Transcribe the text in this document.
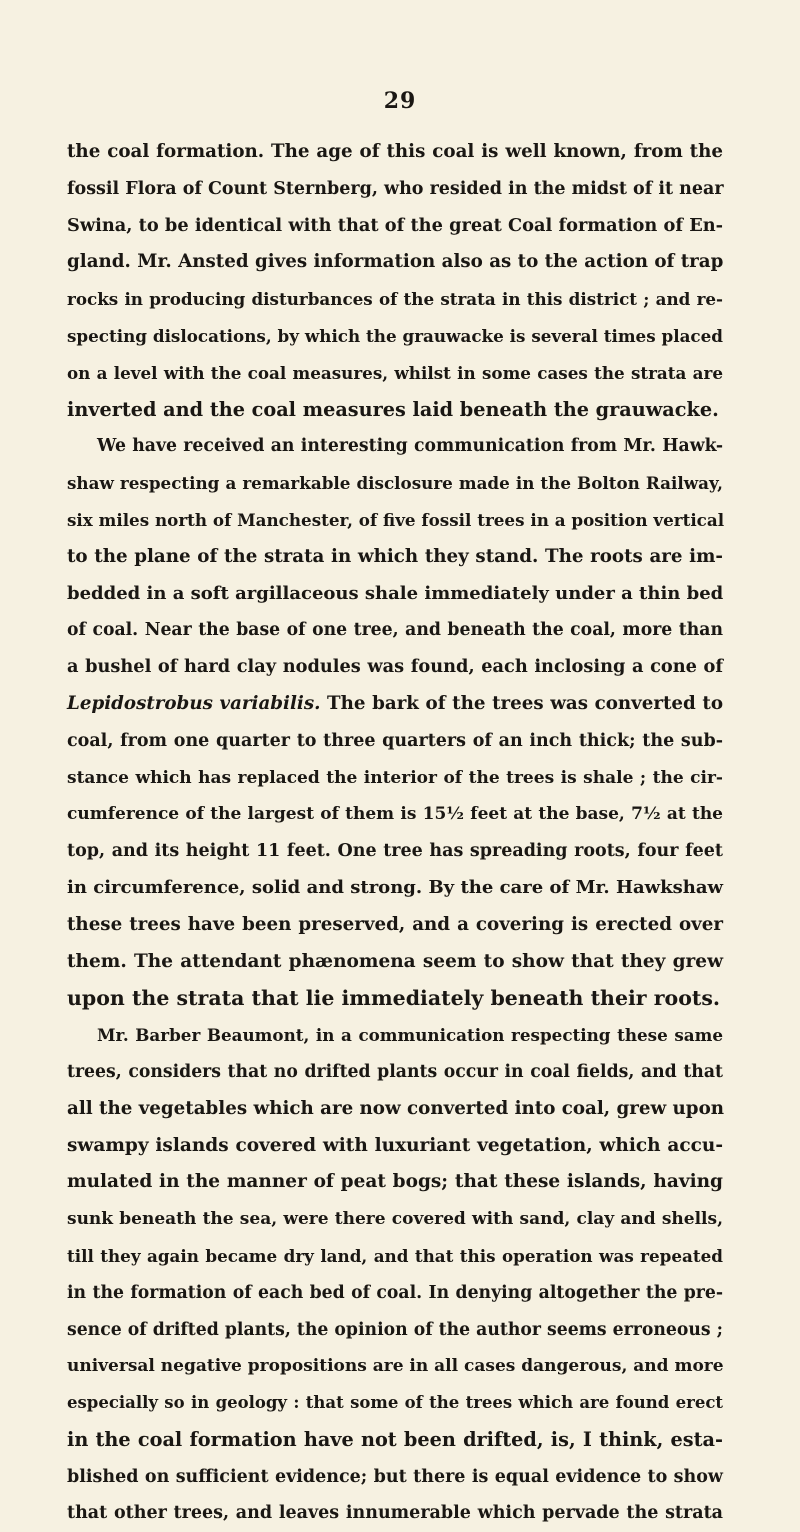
29
the coal formation. The age of this coal is well known, from the
fossil Flora of Count Sternberg, who resided in the midst of it near
Swina, to be identical with that of the great Coal formation of En-
gland. Mr. Ansted gives information also as to the action of trap
rocks in producing disturbances of the strata in this district ; and re-
specting dislocations, by which the grauwacke is several times placed
on a level with the coal measures, whilst in some cases the strata are
inverted and the coal measures laid beneath the grauwacke.
We have received an interesting communication from Mr. Hawk-
shaw respecting a remarkable disclosure made in the Bolton Railway,
six miles north of Manchester, of five fossil trees in a position vertical
to the plane of the strata in which they stand. The roots are im-
bedded in a soft argillaceous shale immediately under a thin bed
of coal. Near the base of one tree, and beneath the coal, more than
a bushel of hard clay nodules was found, each inclosing a cone of
Lepidostrobus variabilis. The bark of the trees was converted to
coal, from one quarter to three quarters of an inch thick; the sub-
stance which has replaced the interior of the trees is shale ; the cir-
cumference of the largest of them is 15½ feet at the base, 7½ at the
top, and its height 11 feet. One tree has spreading roots, four feet
in circumference, solid and strong. By the care of Mr. Hawkshaw
these trees have been preserved, and a covering is erected over
them. The attendant phænomena seem to show that they grew
upon the strata that lie immediately beneath their roots.
Mr. Barber Beaumont, in a communication respecting these same
trees, considers that no drifted plants occur in coal fields, and that
all the vegetables which are now converted into coal, grew upon
swampy islands covered with luxuriant vegetation, which accu-
mulated in the manner of peat bogs; that these islands, having
sunk beneath the sea, were there covered with sand, clay and shells,
till they again became dry land, and that this operation was repeated
in the formation of each bed of coal. In denying altogether the pre-
sence of drifted plants, the opinion of the author seems erroneous ;
universal negative propositions are in all cases dangerous, and more
especially so in geology : that some of the trees which are found erect
in the coal formation have not been drifted, is, I think, esta-
blished on sufficient evidence; but there is equal evidence to show
that other trees, and leaves innumerable which pervade the strata
